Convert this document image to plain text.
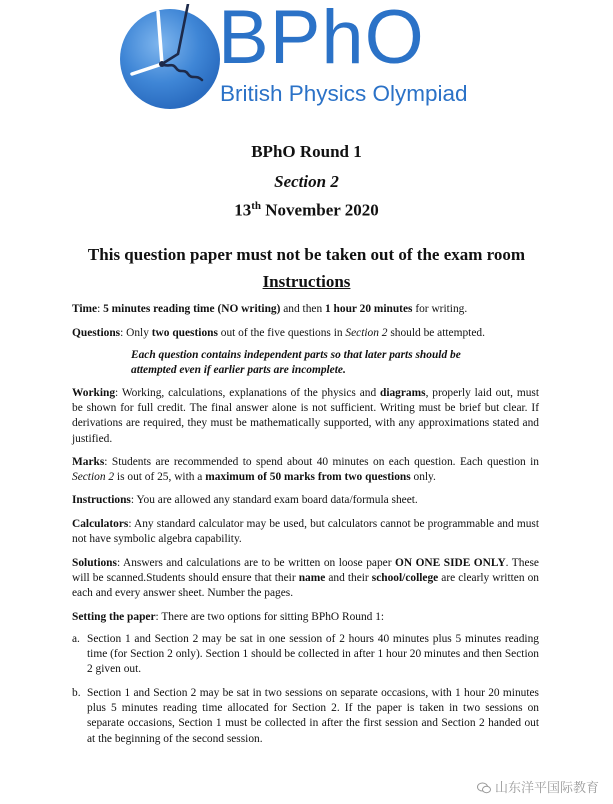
BPhO
British Physics Olympiad
BPhO Round 1
Section 2
13th November 2020
This question paper must not be taken out of the exam room
Instructions
Time: 5 minutes reading time (NO writing) and then 1 hour 20 minutes for writing.
Questions: Only two questions out of the five questions in Section 2 should be attempted.
Each question contains independent parts so that later parts should be
attempted even if earlier parts are incomplete.
Working: Working, calculations, explanations of the physics and diagrams, properly laid out, must be shown for full credit. The final answer alone is not sufficient. Writing must be brief but clear. If derivations are required, they must be mathematically supported, with any approximations stated and justified.
Marks: Students are recommended to spend about 40 minutes on each question. Each question in Section 2 is out of 25, with a maximum of 50 marks from two questions only.
Instructions: You are allowed any standard exam board data/formula sheet.
Calculators: Any standard calculator may be used, but calculators cannot be programmable and must not have symbolic algebra capability.
Solutions: Answers and calculations are to be written on loose paper ON ONE SIDE ONLY. These will be scanned.Students should ensure that their name and their school/college are clearly written on each and every answer sheet. Number the pages.
Setting the paper: There are two options for sitting BPhO Round 1:
a. Section 1 and Section 2 may be sat in one session of 2 hours 40 minutes plus 5 minutes reading time (for Section 2 only). Section 1 should be collected in after 1 hour 20 minutes and then Section 2 given out.
b. Section 1 and Section 2 may be sat in two sessions on separate occasions, with 1 hour 20 minutes plus 5 minutes reading time allocated for Section 2. If the paper is taken in two sessions on separate occasions, Section 1 must be collected in after the first session and Section 2 handed out at the beginning of the second session.
山东洋平国际教育
